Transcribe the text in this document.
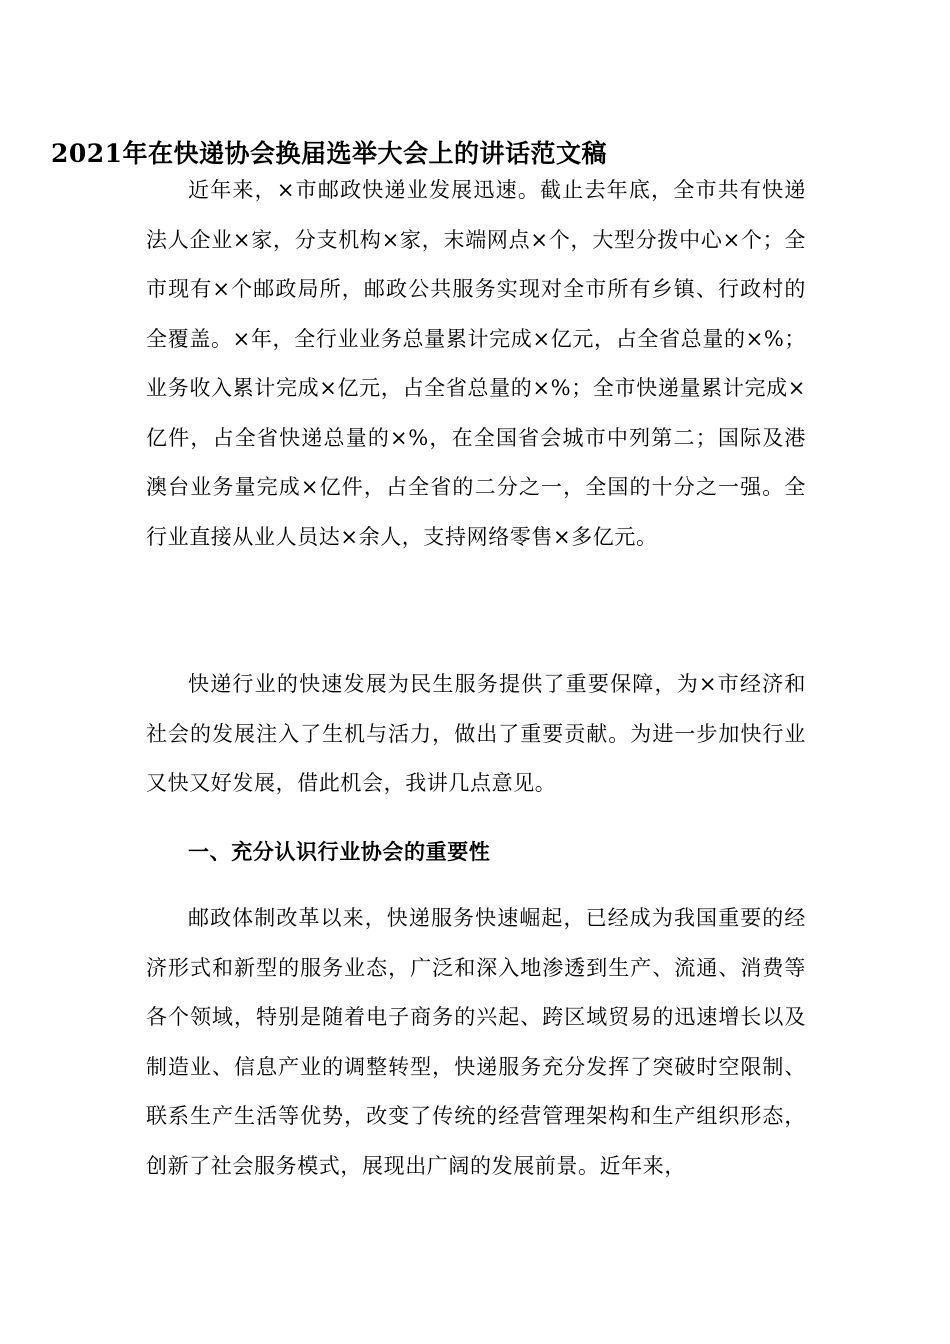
2021年在快递协会换届选举大会上的讲话范文稿

近年来，×市邮政快递业发展迅速。截止去年底，全市共有快递法人企业×家，分支机构×家，末端网点×个，大型分拨中心×个；全市现有×个邮政局所，邮政公共服务实现对全市所有乡镇、行政村的全覆盖。×年，全行业业务总量累计完成×亿元，占全省总量的×%；业务收入累计完成×亿元，占全省总量的×%；全市快递量累计完成×亿件，占全省快递总量的×%，在全国省会城市中列第二；国际及港澳台业务量完成×亿件，占全省的二分之一，全国的十分之一强。全行业直接从业人员达×余人，支持网络零售×多亿元。

快递行业的快速发展为民生服务提供了重要保障，为×市经济和社会的发展注入了生机与活力，做出了重要贡献。为进一步加快行业又快又好发展，借此机会，我讲几点意见。

一、充分认识行业协会的重要性

邮政体制改革以来，快递服务快速崛起，已经成为我国重要的经济形式和新型的服务业态，广泛和深入地渗透到生产、流通、消费等各个领域，特别是随着电子商务的兴起、跨区域贸易的迅速增长以及制造业、信息产业的调整转型，快递服务充分发挥了突破时空限制、联系生产生活等优势，改变了传统的经营管理架构和生产组织形态，创新了社会服务模式，展现出广阔的发展前景。近年来，
